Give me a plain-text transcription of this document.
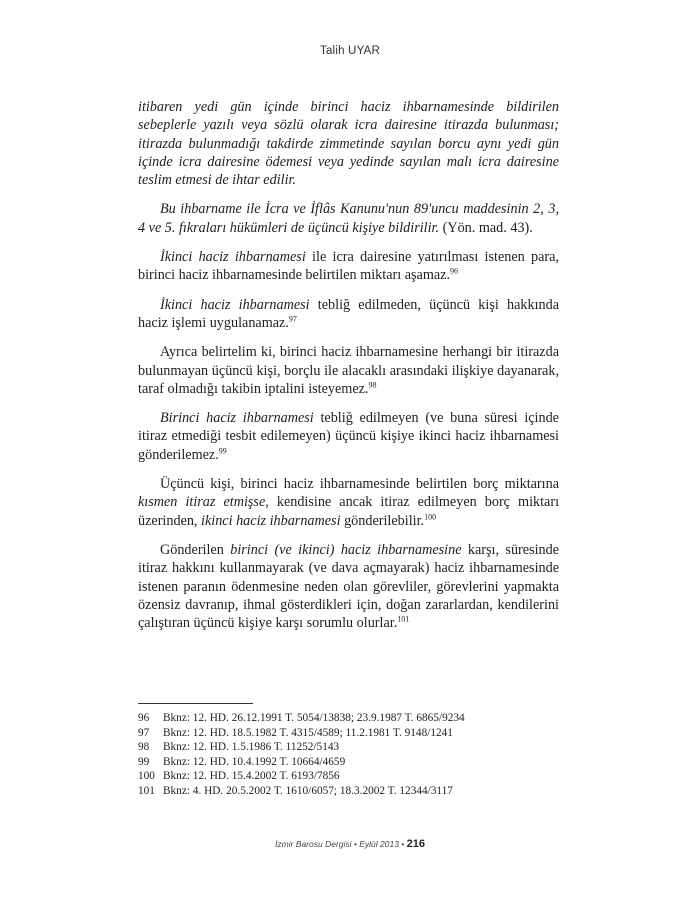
Talih UYAR

itibaren yedi gün içinde birinci haciz ihbarnamesinde bildirilen sebeplerle yazılı veya sözlü olarak icra dairesine itirazda bulunması; itirazda bulunmadığı takdirde zimmetinde sayılan borcu aynı yedi gün içinde icra dairesine ödemesi veya yedinde sayılan malı icra dairesine teslim etmesi de ihtar edilir.

Bu ihbarname ile İcra ve İflâs Kanunu'nun 89'uncu maddesinin 2, 3, 4 ve 5. fıkraları hükümleri de üçüncü kişiye bildirilir. (Yön. mad. 43).

İkinci haciz ihbarnamesi ile icra dairesine yatırılması istenen para, birinci haciz ihbarnamesinde belirtilen miktarı aşamaz.$^{96}$

İkinci haciz ihbarnamesi tebliğ edilmeden, üçüncü kişi hakkında haciz işlemi uygulanamaz.$^{97}$

Ayrıca belirtelim ki, birinci haciz ihbarnamesine herhangi bir itirazda bulunmayan üçüncü kişi, borçlu ile alacaklı arasındaki ilişkiye dayanarak, taraf olmadığı takibin iptalini isteyemez.$^{98}$

Birinci haciz ihbarnamesi tebliğ edilmeyen (ve buna süresi içinde itiraz etmediği tesbit edilemeyen) üçüncü kişiye ikinci haciz ihbarnamesi gönderilemez.$^{99}$

Üçüncü kişi, birinci haciz ihbarnamesinde belirtilen borç miktarına kısmen itiraz etmişse, kendisine ancak itiraz edilmeyen borç miktarı üzerinden, ikinci haciz ihbarnamesi gönderilebilir.$^{100}$

Gönderilen birinci (ve ikinci) haciz ihbarnamesine karşı, süresinde itiraz hakkını kullanmayarak (ve dava açmayarak) haciz ihbarnamesinde istenen paranın ödenmesine neden olan görevliler, görevlerini yapmakta özensiz davranıp, ihmal gösterdikleri için, doğan zararlardan, kendilerini çalıştıran üçüncü kişiye karşı sorumlu olurlar.$^{101}$

96	Bknz: 12. HD. 26.12.1991 T. 5054/13838; 23.9.1987 T. 6865/9234
97	Bknz: 12. HD. 18.5.1982 T. 4315/4589; 11.2.1981 T. 9148/1241
98	Bknz: 12. HD. 1.5.1986 T. 11252/5143
99	Bknz: 12. HD. 10.4.1992 T. 10664/4659
100 Bknz: 12. HD. 15.4.2002 T. 6193/7856
101 Bknz: 4. HD. 20.5.2002 T. 1610/6057; 18.3.2002 T. 12344/3117
İzmir Barosu Dergisi • Eylül 2013 • 216
